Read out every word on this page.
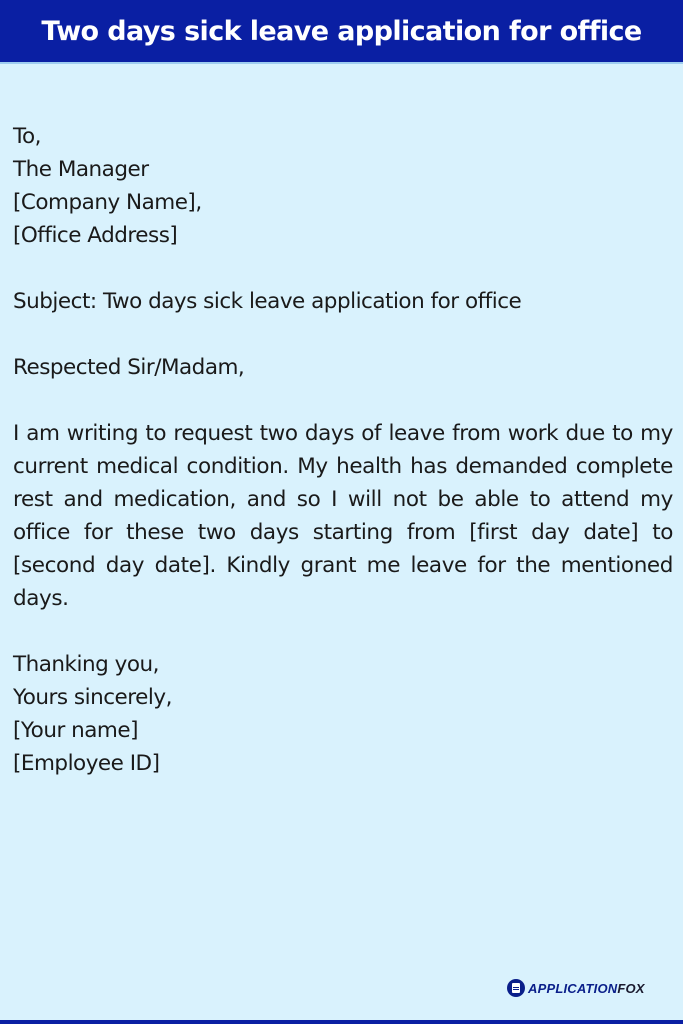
Two days sick leave application for office
To,
The Manager
[Company Name],
[Office Address]
Subject: Two days sick leave application for office
Respected Sir/Madam,
I am writing to request two days of leave from work due to my current medical condition. My health has demanded complete rest and medication, and so I will not be able to attend my office for these two days starting from [first day date] to [second day date]. Kindly grant me leave for the mentioned days.
Thanking you,
Yours sincerely,
[Your name]
[Employee ID]
APPLICATIONFOX
